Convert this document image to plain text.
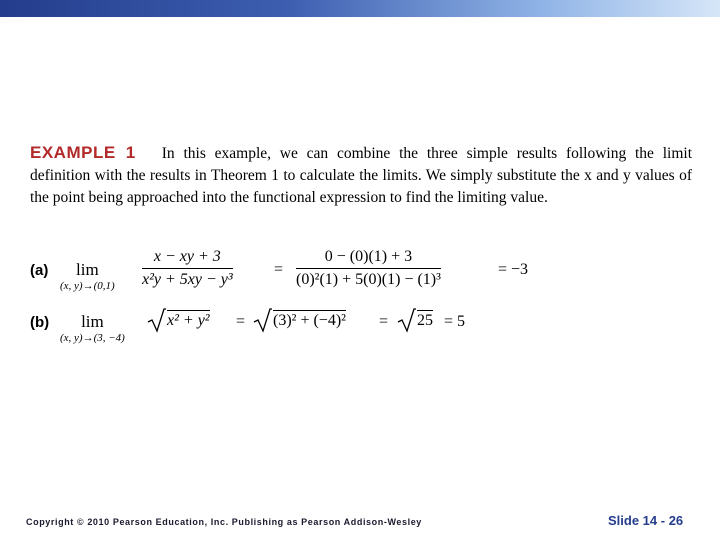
EXAMPLE 1 In this example, we can combine the three simple results following the limit definition with the results in Theorem 1 to calculate the limits. We simply substitute the x and y values of the point being approached into the functional expression to find the limiting value.

(a)	lim
(x, $y)\to(0,1) \frac{x - xy + 3}{\text{x²y + 5xy − y³}}$	= $\frac{0 - (0)(1) + 3}{\text{(0)²(1) + 5(0)(1) − (1)³}}$	= −3
(b)	lim
(x, y)→(3, −4)
x² + y² = (3)² + (−4)² = 25 = 5
Copyright © 2010 Pearson Education, Inc. Publishing as Pearson Addison-Wesley	Slide 14 - 26
